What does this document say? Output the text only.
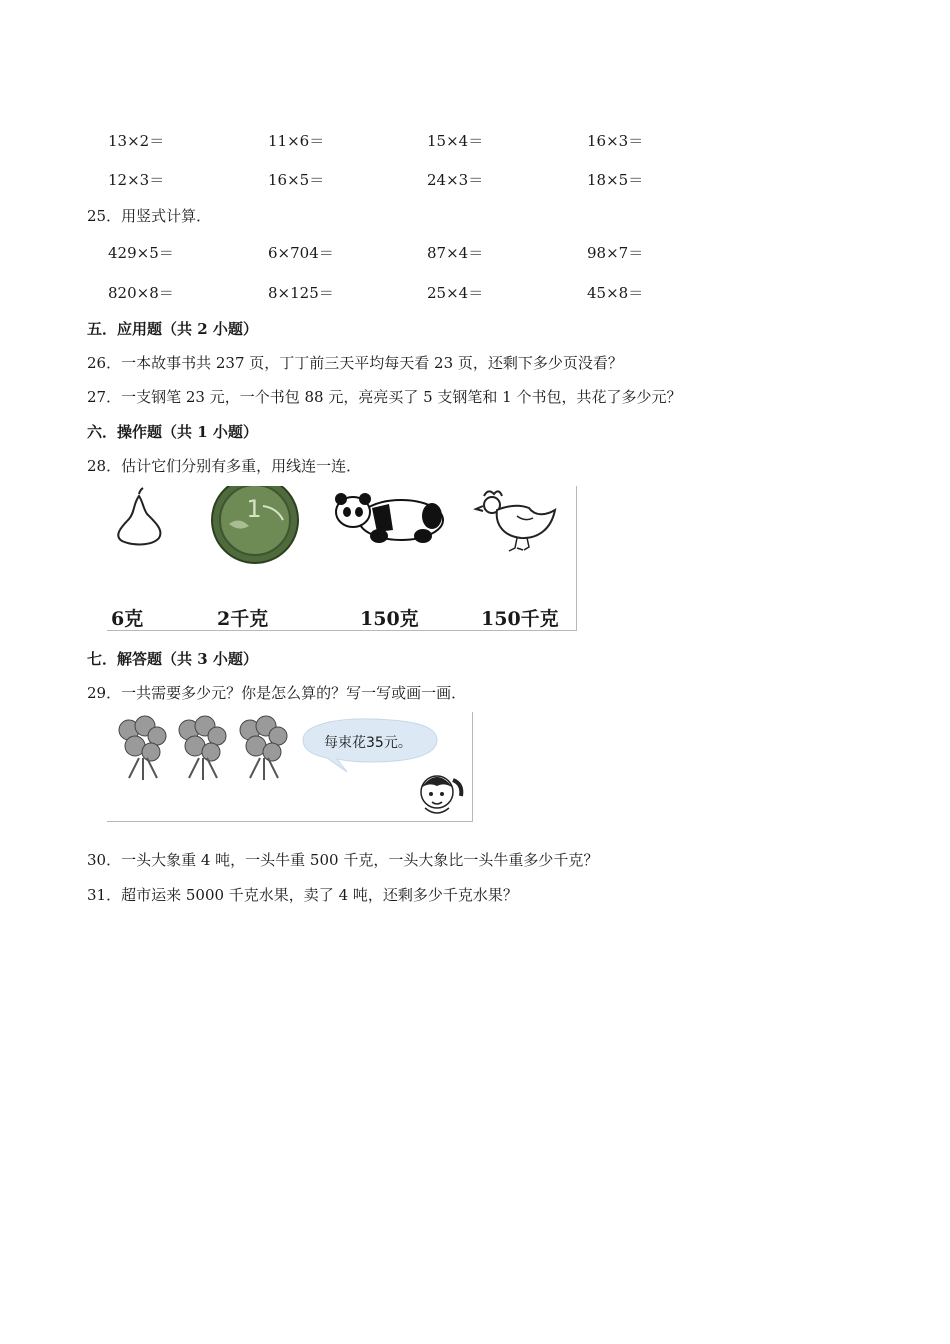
13×2＝	11×6＝	15×4＝	16×3＝
12×3＝	16×5＝	24×3＝	18×5＝
25．用竖式计算．
429×5＝	6×704＝	87×4＝	98×7＝
820×8＝	8×125＝	25×4＝	45×8＝
五．应用题（共 2 小题）
26．一本故事书共 237 页，丁丁前三天平均每天看 23 页，还剩下多少页没看？
27．一支钢笔 23 元，一个书包 88 元，亮亮买了 5 支钢笔和 1 个书包，共花了多少元？
六．操作题（共 1 小题）
28．估计它们分别有多重，用线连一连．
1
6克	2千克	150克	150千克
七．解答题（共 3 小题）
29．一共需要多少元？你是怎么算的？写一写或画一画．
每束花35元。
30．一头大象重 4 吨，一头牛重 500 千克，一头大象比一头牛重多少千克？
31．超市运来 5000 千克水果，卖了 4 吨，还剩多少千克水果？
